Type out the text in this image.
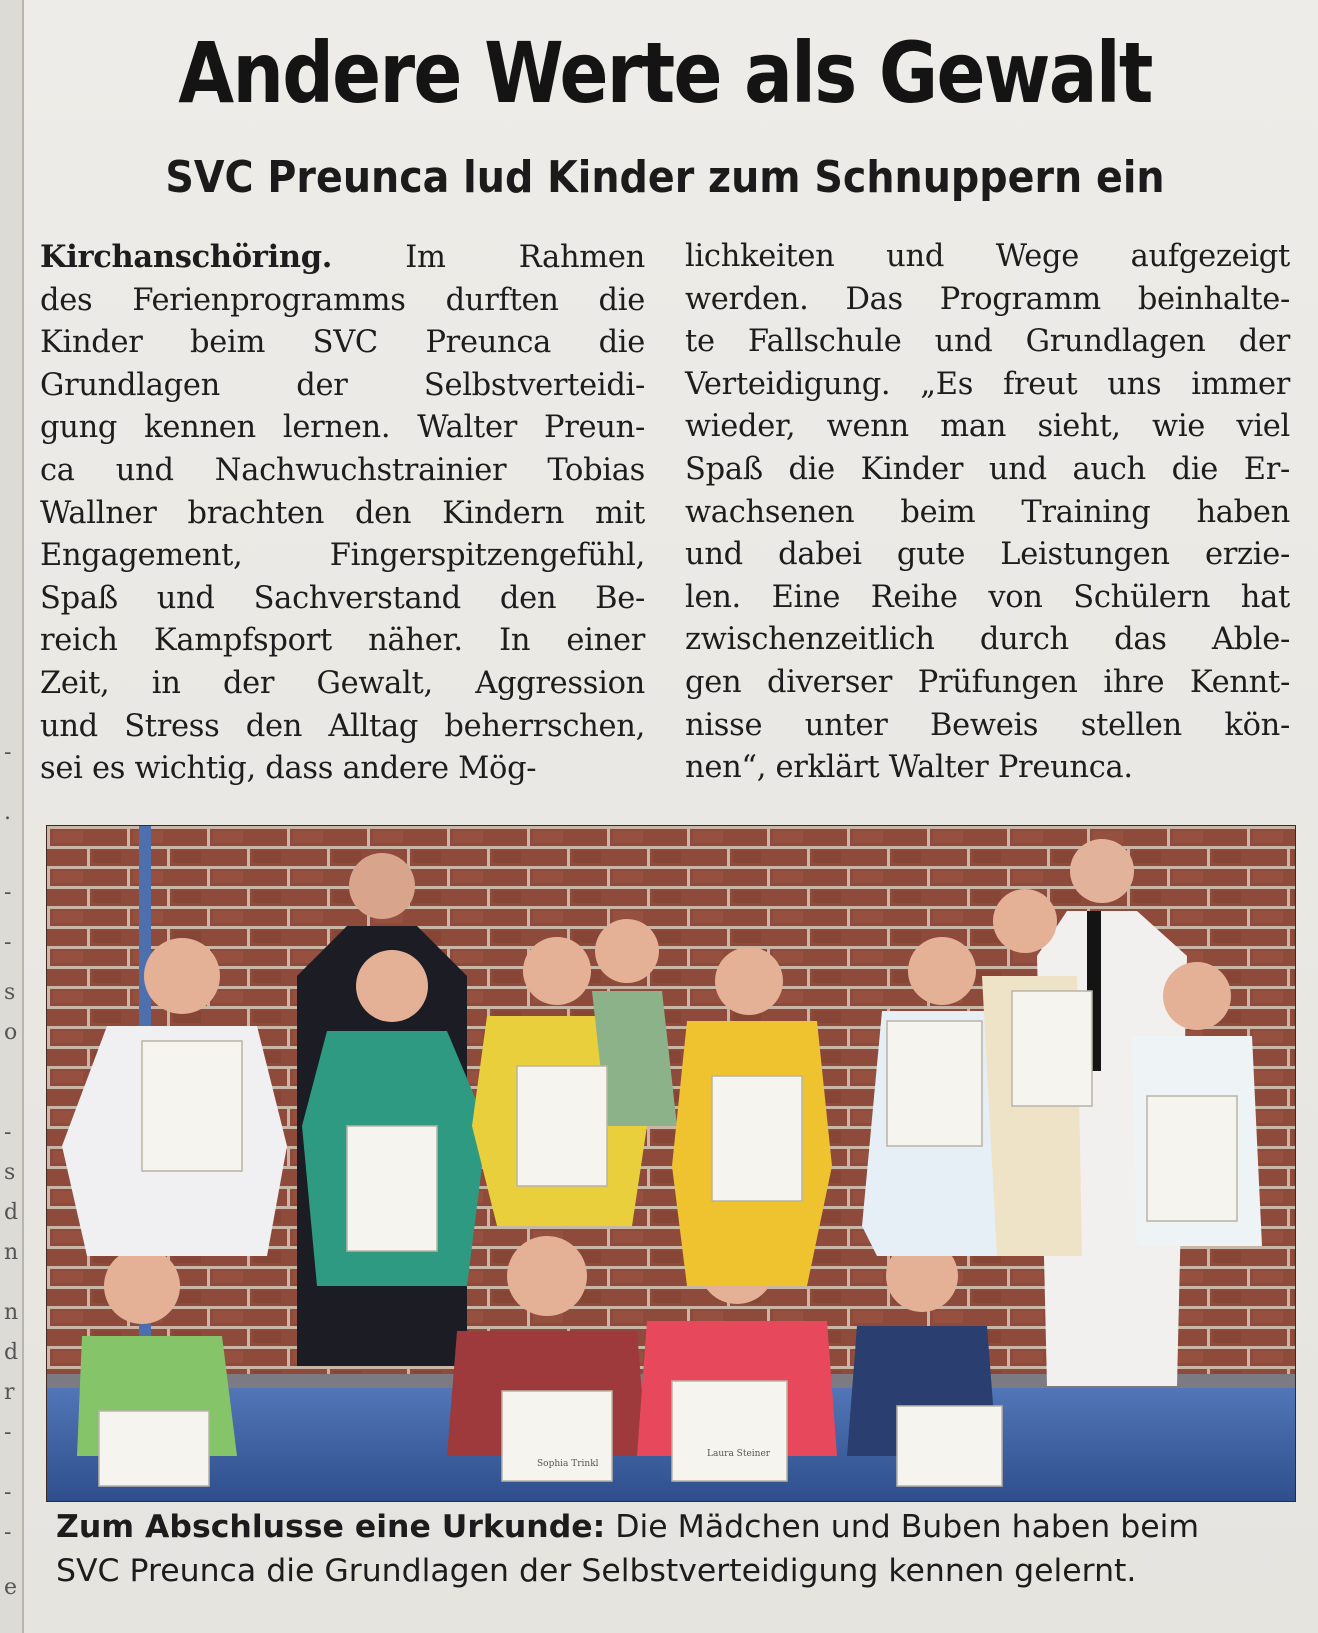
-
.
-
-
s
o
-
s
d
n
n
d
r
-
-
-
e
Andere Werte als Gewalt
SVC Preunca lud Kinder zum Schnuppern ein
Kirchanschöring. Im Rahmen
des Ferienprogramms durften die
Kinder beim SVC Preunca die
Grundlagen der Selbstverteidi-
gung kennen lernen. Walter Preun-
ca und Nachwuchstrainier Tobias
Wallner brachten den Kindern mit
Engagement, Fingerspitzengefühl,
Spaß und Sachverstand den Be-
reich Kampfsport näher. In einer
Zeit, in der Gewalt, Aggression
und Stress den Alltag beherrschen,
sei es wichtig, dass andere Mög-
lichkeiten und Wege aufgezeigt
werden. Das Programm beinhalte-
te Fallschule und Grundlagen der
Verteidigung. „Es freut uns immer
wieder, wenn man sieht, wie viel
Spaß die Kinder und auch die Er-
wachsenen beim Training haben
und dabei gute Leistungen erzie-
len. Eine Reihe von Schülern hat
zwischenzeitlich durch das Able-
gen diverser Prüfungen ihre Kennt-
nisse unter Beweis stellen kön-
nen“, erklärt Walter Preunca.
Sophia Trinkl
Laura Steiner
Zum Abschlusse eine Urkunde: Die Mädchen und Buben haben beim
SVC Preunca die Grundlagen der Selbstverteidigung kennen gelernt.
